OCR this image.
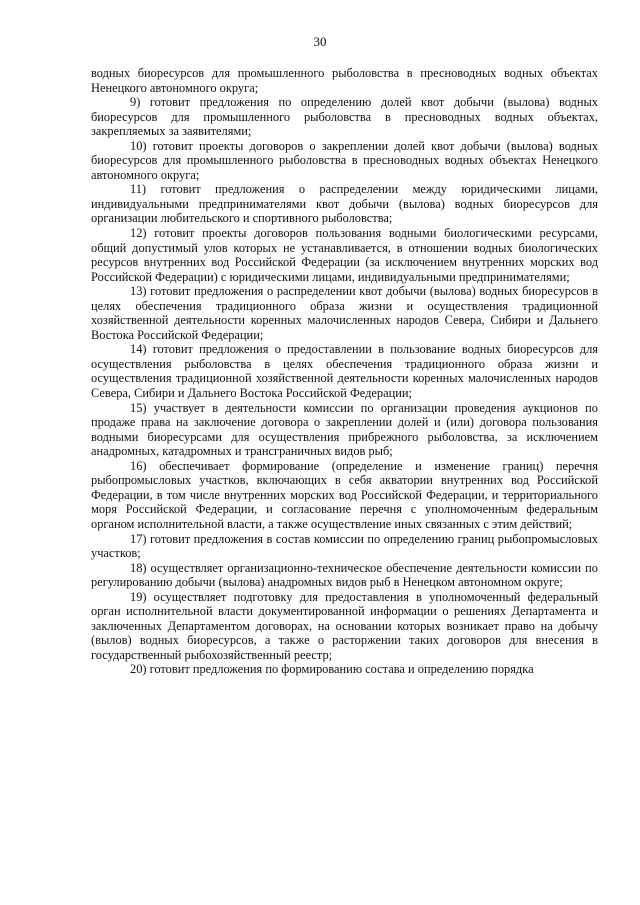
30

водных биоресурсов для промышленного рыболовства в пресноводных водных объектах Ненецкого автономного округа;

9) готовит предложения по определению долей квот добычи (вылова) водных биоресурсов для промышленного рыболовства в пресноводных водных объектах, закрепляемых за заявителями;

10) готовит проекты договоров о закреплении долей квот добычи (вылова) водных биоресурсов для промышленного рыболовства в пресноводных водных объектах Ненецкого автономного округа;

11) готовит предложения о распределении между юридическими лицами, индивидуальными предпринимателями квот добычи (вылова) водных биоресурсов для организации любительского и спортивного рыболовства;

12) готовит проекты договоров пользования водными биологическими ресурсами, общий допустимый улов которых не устанавливается, в отношении водных биологических ресурсов внутренних вод Российской Федерации (за исключением внутренних морских вод Российской Федерации) с юридическими лицами, индивидуальными предпринимателями;

13) готовит предложения о распределении квот добычи (вылова) водных биоресурсов в целях обеспечения традиционного образа жизни и осуществления традиционной хозяйственной деятельности коренных малочисленных народов Севера, Сибири и Дальнего Востока Российской Федерации;

14) готовит предложения о предоставлении в пользование водных биоресурсов для осуществления рыболовства в целях обеспечения традиционного образа жизни и осуществления традиционной хозяйственной деятельности коренных малочисленных народов Севера, Сибири и Дальнего Востока Российской Федерации;

15) участвует в деятельности комиссии по организации проведения аукционов по продаже права на заключение договора о закреплении долей и (или) договора пользования водными биоресурсами для осуществления прибрежного рыболовства, за исключением анадромных, катадромных и трансграничных видов рыб;

16) обеспечивает формирование (определение и изменение границ) перечня рыбопромысловых участков, включающих в себя акватории внутренних вод Российской Федерации, в том числе внутренних морских вод Российской Федерации, и территориального моря Российской Федерации, и согласование перечня с уполномоченным федеральным органом исполнительной власти, а также осуществление иных связанных с этим действий;

17) готовит предложения в состав комиссии по определению границ рыбопромысловых участков;

18) осуществляет организационно-техническое обеспечение деятельности комиссии по регулированию добычи (вылова) анадромных видов рыб в Ненецком автономном округе;

19) осуществляет подготовку для предоставления в уполномоченный федеральный орган исполнительной власти документированной информации о решениях Департамента и заключенных Департаментом договорах, на основании которых возникает право на добычу (вылов) водных биоресурсов, а также о расторжении таких договоров для внесения в государственный рыбохозяйственный реестр;

20) готовит предложения по формированию состава и определению порядка
